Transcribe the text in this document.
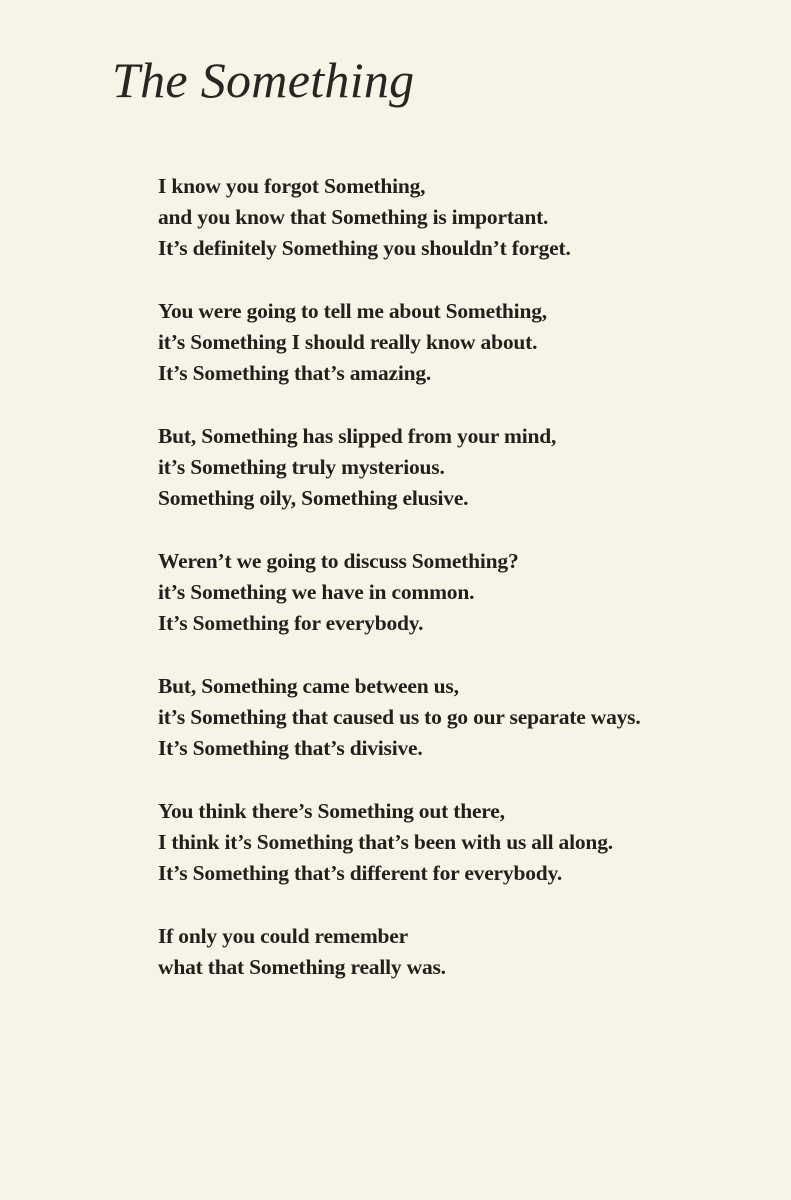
The Something
I know you forgot Something,
and you know that Something is important.
It’s definitely Something you shouldn’t forget.
You were going to tell me about Something,
it’s Something I should really know about.
It’s Something that’s amazing.
But, Something has slipped from your mind,
it’s Something truly mysterious.
Something oily, Something elusive.
Weren’t we going to discuss Something?
it’s Something we have in common.
It’s Something for everybody.
But, Something came between us,
it’s Something that caused us to go our separate ways.
It’s Something that’s divisive.
You think there’s Something out there,
I think it’s Something that’s been with us all along.
It’s Something that’s different for everybody.
If only you could remember
what that Something really was.
